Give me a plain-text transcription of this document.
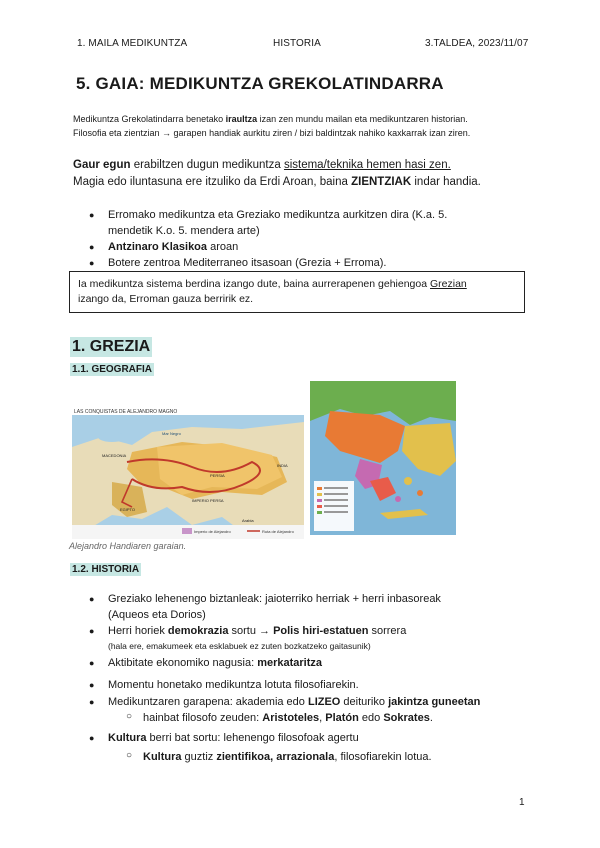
1. MAILA MEDIKUNTZA	HISTORIA	3.TALDEA, 2023/11/07
5. GAIA: MEDIKUNTZA GREKOLATINDARRA
Medikuntza Grekolatindarra benetako iraultza izan zen mundu mailan eta medikuntzaren historian.
Filosofia eta zientzian → garapen handiak aurkitu ziren / bizi baldintzak nahiko kaxkarrak izan ziren.
Gaur egun erabiltzen dugun medikuntza sistema/teknika hemen hasi zen.
Magia edo iluntasuna ere itzuliko da Erdi Aroan, baina ZIENTZIAK indar handia.
● Erromako medikuntza eta Greziako medikuntza aurkitzen dira (K.a. 5.
mendetik K.o. 5. mendera arte)
● Antzinaro Klasikoa aroan
● Botere zentroa Mediterraneo itsasoan (Grezia + Erroma).
Ia medikuntza sistema berdina izango dute, baina aurrerapenen gehiengoa Grezian
izango da, Erroman gauza berririk ez.
1. GREZIA
1.1. GEOGRAFIA
LAS CONQUISTAS DE ALEJANDRO MAGNO
MACEDONIA
EGIPTO
PERSIA
INDIA
IMPERIO PERSA
Mar Negro
Arabia
Imperio de Alejandro	Ruta de Alejandro
Alejandro Handiaren garaian.
1.2. HISTORIA
● Greziako lehenengo biztanleak: jaioterriko herriak + herri inbasoreak
(Aqueos eta Dorios)
● Herri horiek demokrazia sortu → Polis hiri-estatuen sorrera
(hala ere, emakumeek eta esklabuek ez zuten bozkatzeko gaitasunik)
● Aktibitate ekonomiko nagusia: merkataritza
● Momentu honetako medikuntza lotuta filosofiarekin.
● Medikuntzaren garapena: akademia edo LIZEO deituriko jakintza guneetan
○ hainbat filosofo zeuden: Aristoteles, Platón edo Sokrates.
● Kultura berri bat sortu: lehenengo filosofoak agertu
○ Kultura guztiz zientifikoa, arrazionala, filosofiarekin lotua.
1
